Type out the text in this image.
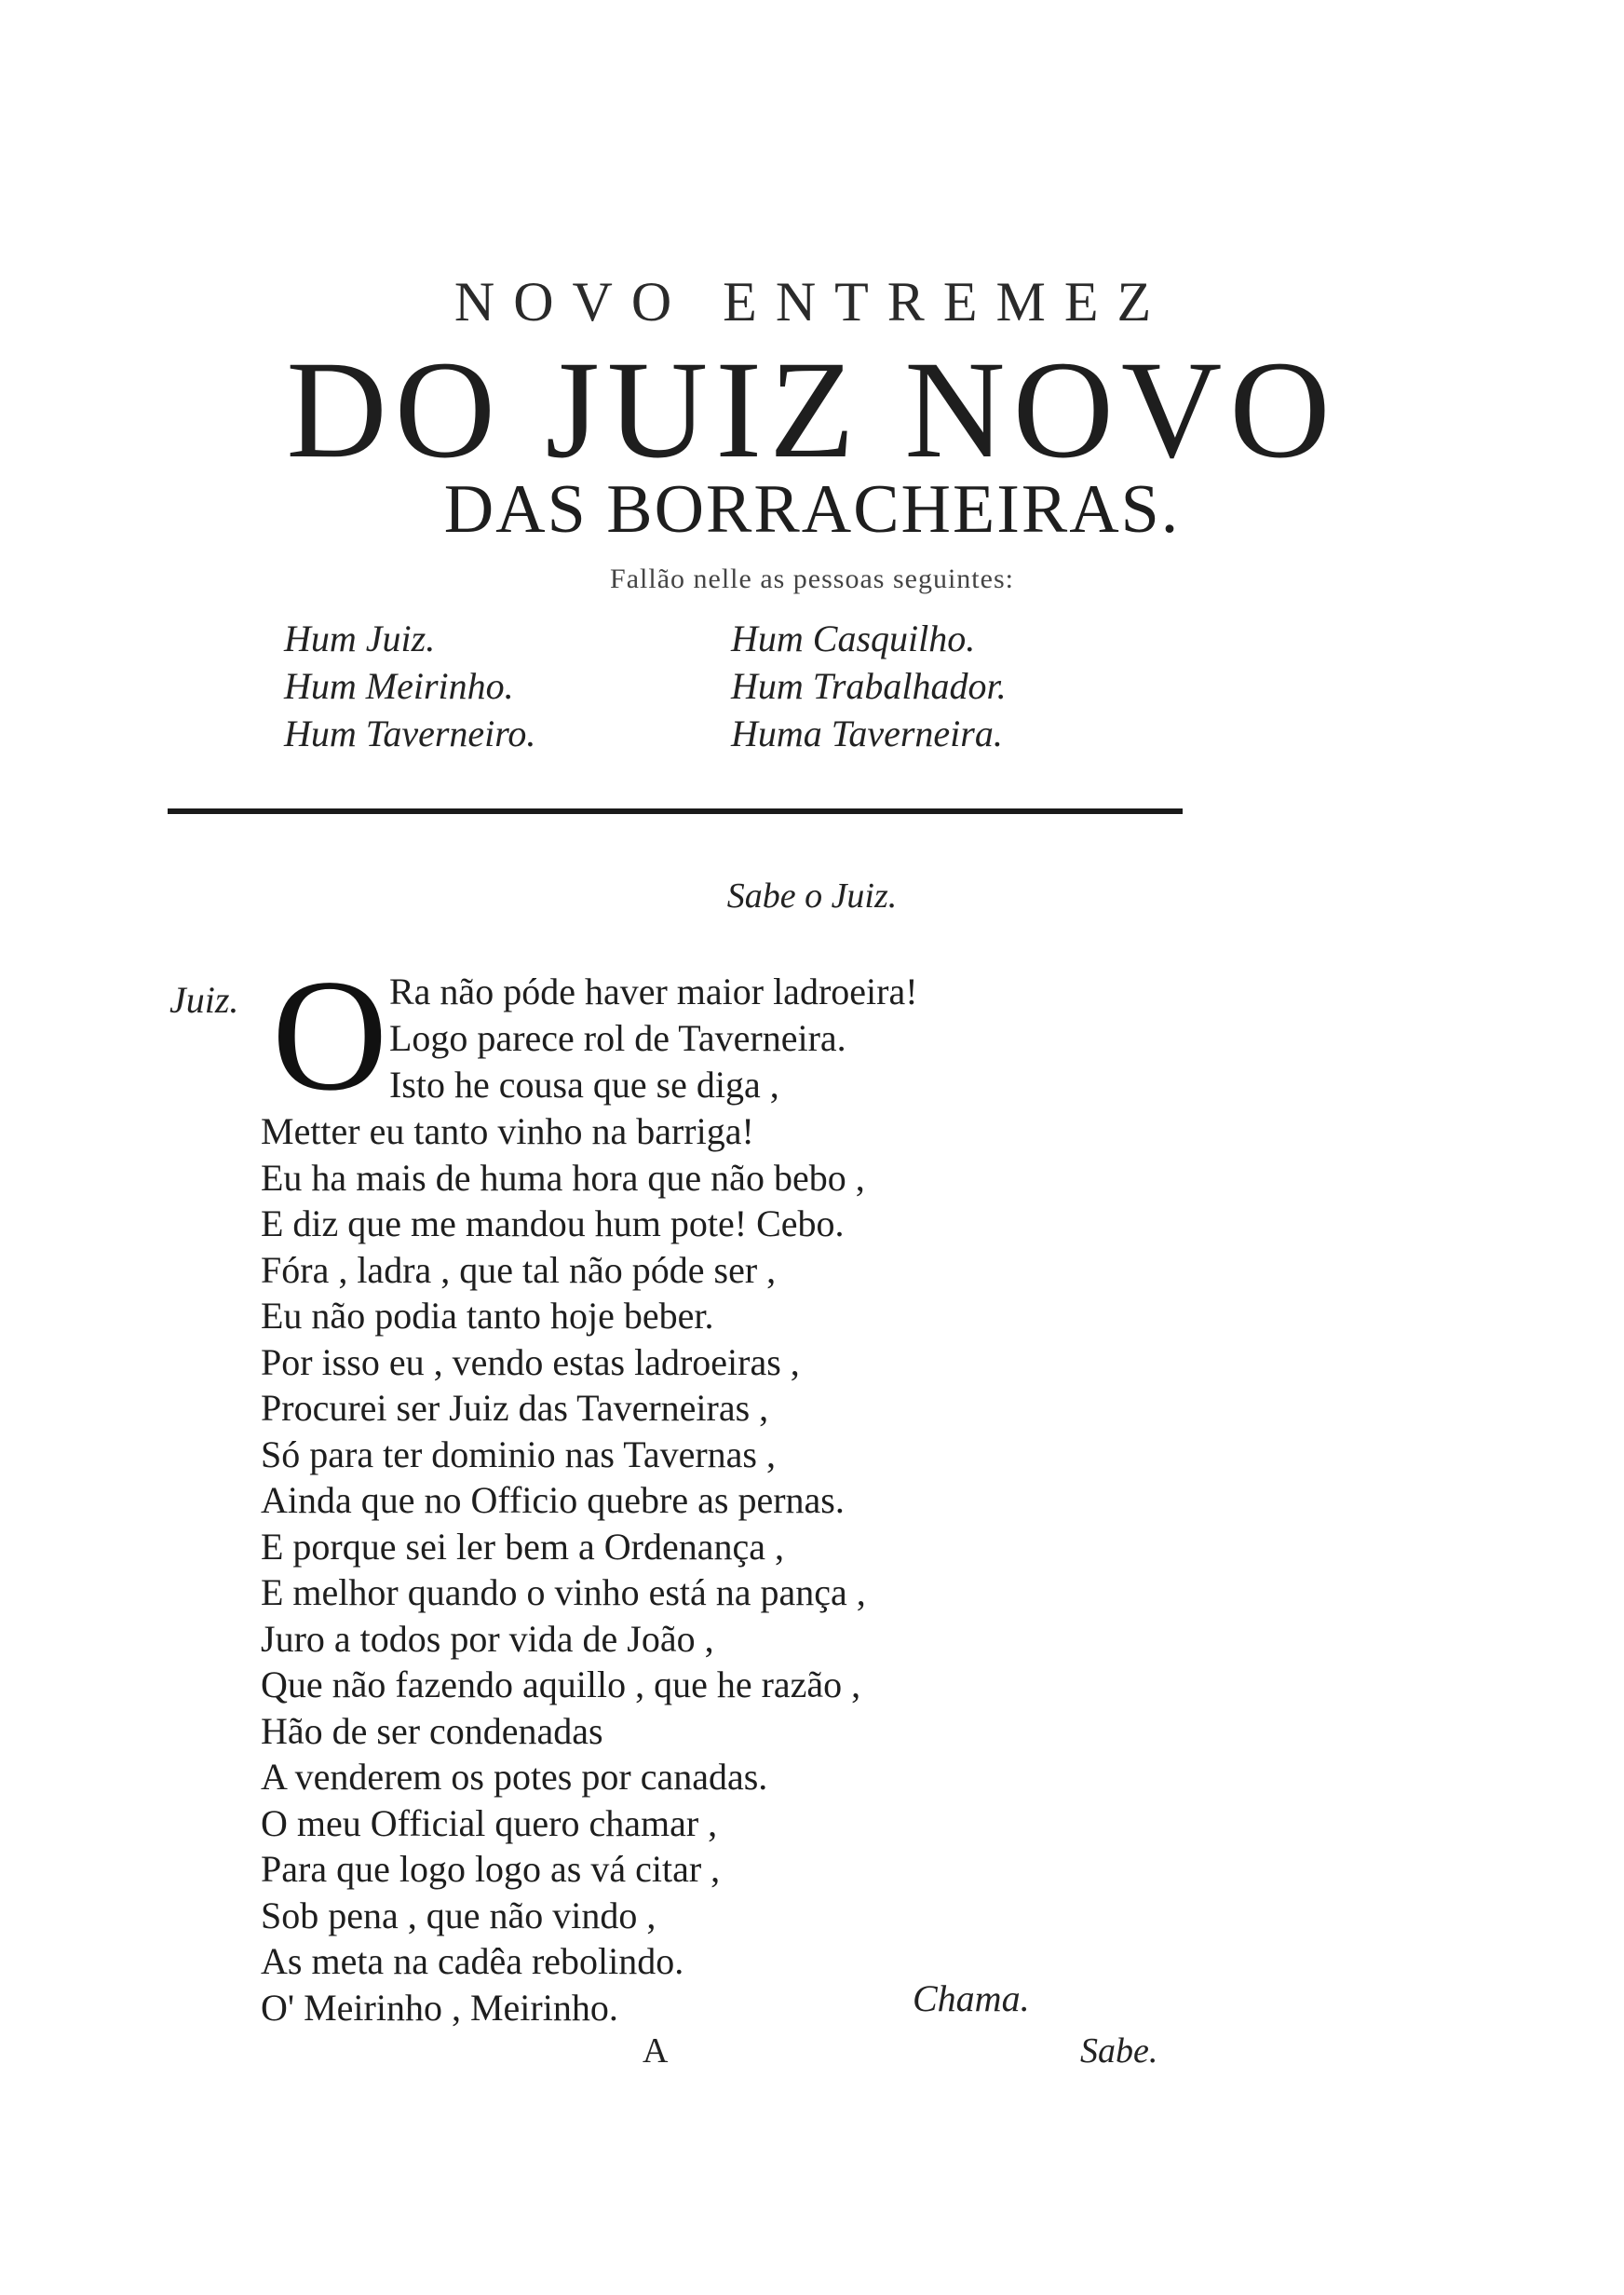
NOVO ENTREMEZ
DO JUIZ NOVO
DAS BORRACHEIRAS.
Fallão nelle as pessoas seguintes:
Hum Juiz.	Hum Casquilho.
Hum Meirinho.	Hum Trabalhador.
Hum Taverneiro.	Huma Taverneira.
Sabe o Juiz.
Juiz. O Ra não póde haver maior ladroeira!
Logo parece rol de Taverneira.
Isto he cousa que se diga ,
Metter eu tanto vinho na barriga!
Eu ha mais de huma hora que não bebo ,
E diz que me mandou hum pote! Cebo.
Fóra , ladra , que tal não póde ser ,
Eu não podia tanto hoje beber.
Por isso eu , vendo estas ladroeiras ,
Procurei ser Juiz das Taverneiras ,
Só para ter dominio nas Tavernas ,
Ainda que no Officio quebre as pernas.
E porque sei ler bem a Ordenança ,
E melhor quando o vinho está na pança ,
Juro a todos por vida de João ,
Que não fazendo aquillo , que he razão ,
Hão de ser condenadas
A venderem os potes por canadas.
O meu Official quero chamar ,
Para que logo logo as vá citar ,
Sob pena , que não vindo ,
As meta na cadêa rebolindo.
O' Meirinho , Meirinho.	Chama.
A	Sabe.
